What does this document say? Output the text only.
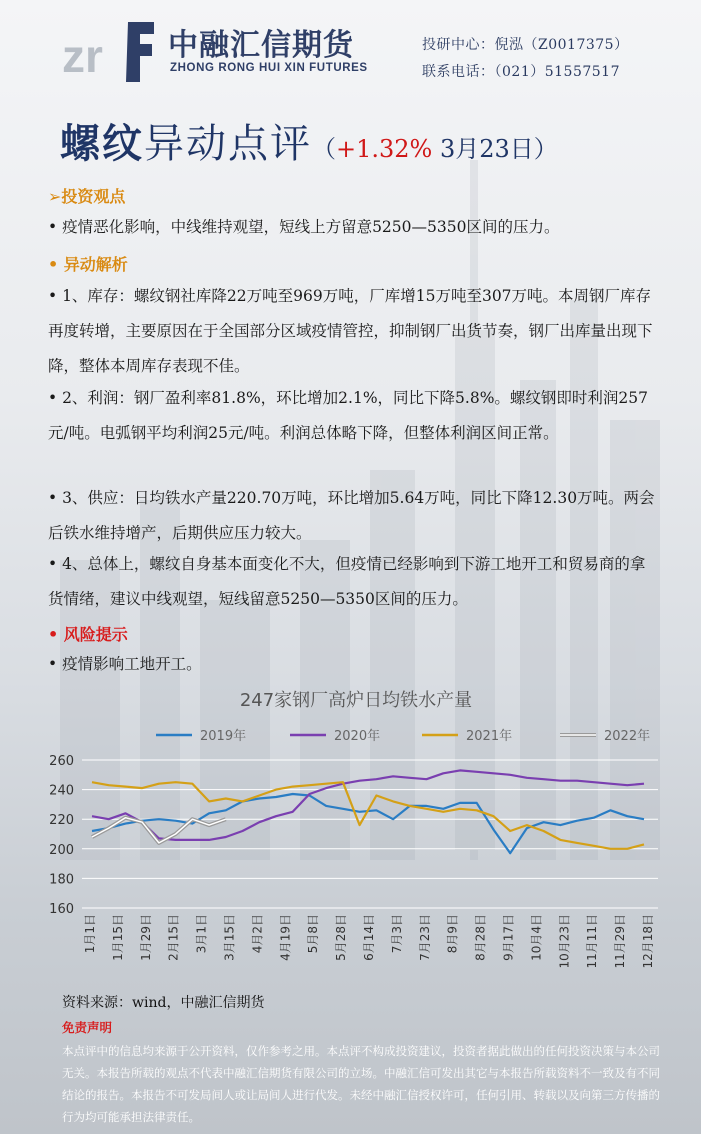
zr 中融汇信期货
ZHONG RONG HUI XIN FUTURES
投研中心：倪泓（Z0017375）
联系电话：（021）51557517
螺纹异动点评（+1.32% 3月23日）
➢投资观点
• 疫情恶化影响，中线维持观望，短线上方留意5250—5350区间的压力。
• 异动解析
• 1、库存：螺纹钢社库降22万吨至969万吨，厂库增15万吨至307万吨。本周钢厂库存再度转增，主要原因在于全国部分区域疫情管控，抑制钢厂出货节奏，钢厂出库量出现下降，整体本周库存表现不佳。
• 2、利润：钢厂盈利率81.8%，环比增加2.1%，同比下降5.8%。螺纹钢即时利润257元/吨。电弧钢平均利润25元/吨。利润总体略下降，但整体利润区间正常。
• 3、供应：日均铁水产量220.70万吨，环比增加5.64万吨，同比下降12.30万吨。两会后铁水维持增产，后期供应压力较大。
• 4、总体上，螺纹自身基本面变化不大，但疫情已经影响到下游工地开工和贸易商的拿货情绪，建议中线观望，短线留意5250—5350区间的压力。
• 风险提示
• 疫情影响工地开工。
247家钢厂高炉日均铁水产量
2019年	2020年	2021年	2022年
160
180
200
220
240
260
1月1日 1月15日 1月29日 2月15日 3月1日 3月15日 4月2日 4月19日 5月8日 5月28日 6月14日 7月3日 7月23日 8月9日 8月28日 9月17日 10月4日 10月23日 11月11日 11月29日 12月18日
资料来源：wind，中融汇信期货
免责声明
本点评中的信息均来源于公开资料，仅作参考之用。本点评不构成投资建议，投资者据此做出的任何投资决策与本公司无关。本报告所载的观点不代表中融汇信期货有限公司的立场。中融汇信可发出其它与本报告所载资料不一致及有不同结论的报告。本报告不可发局间人或让局间人进行代发。未经中融汇信授权许可，任何引用、转载以及向第三方传播的行为均可能承担法律责任。
